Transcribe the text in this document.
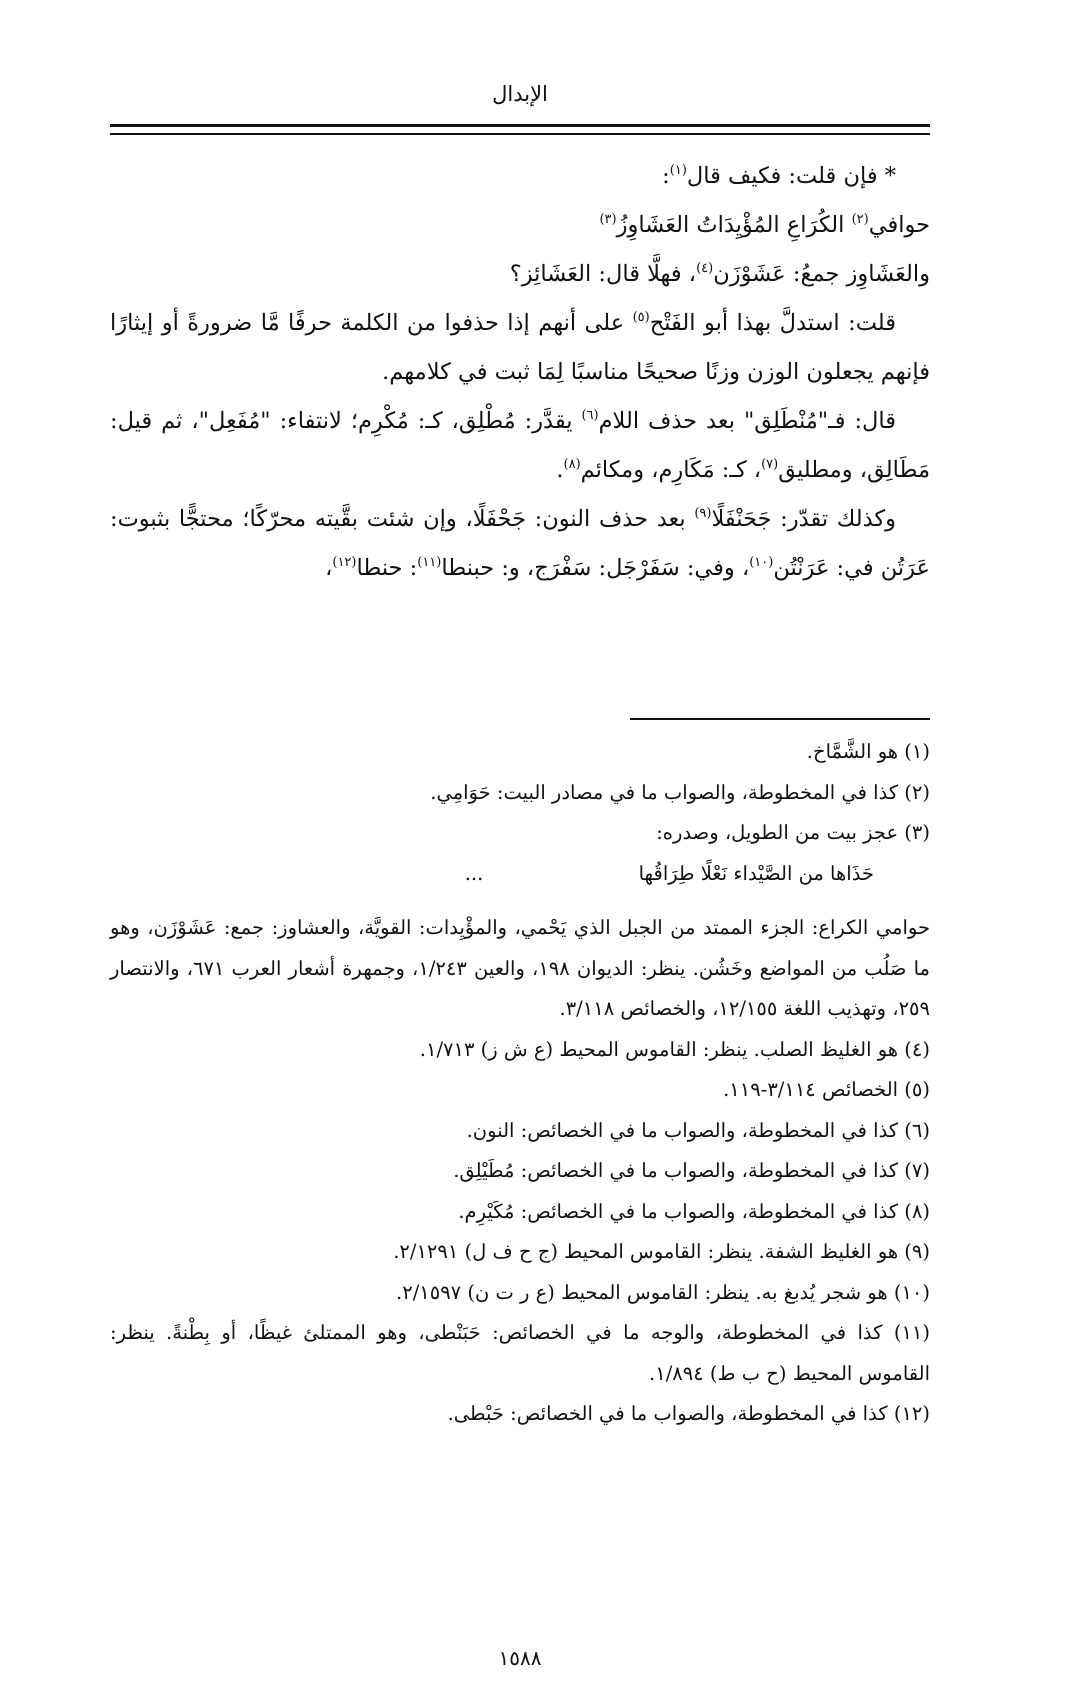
الإبدال

* فإن قلت: فكيف قال$^{(١)}$:

حوافي$^{(٢)}$ الكُرَاعِ المُؤْيِدَاتُ العَشَاوِزُ$^{(٣)}$

والعَشَاوِز جمعُ: عَشَوْزَن$^{(٤)}$، فهلَّا قال: العَشَائِز؟

قلت: استدلَّ بهذا أبو الفَتْح$^{(٥)}$ على أنهم إذا حذفوا من الكلمة حرفًا مَّا ضرورةً أو إيثارًا فإنهم يجعلون الوزن وزنًا صحيحًا مناسبًا لِمَا ثبت في كلامهم.

قال: فـ"مُنْطَلِق" بعد حذف اللام$^{(٦)}$ يقدَّر: مُطْلِق، كـ: مُكْرِم؛ لانتفاء: "مُفَعِل"، ثم قيل: مَطَالِق، ومطليق$^{(٧)}$، كـ: مَكَارِم، ومكائم$^{(٨)}$.

وكذلك تقدّر: جَحَنْفَلًا$^{(٩)}$ بعد حذف النون: جَحْفَلًا، وإن شئت بقَّيته محرّكًا؛ محتجًّا بثبوت: عَرَتُن في: عَرَنْتُن$^{(١٠)}$، وفي: سَفَرْجَل: سَفْرَج، و: حبنطا$^{(١١)}$: حنطا$^{(١٢)}$،

(١) هو الشَّمَّاخ.

(٢) كذا في المخطوطة، والصواب ما في مصادر البيت: حَوَامِي.

(٣) عجز بيت من الطويل، وصدره:

حَذَاها من الصَّيْداء نَعْلًا طِرَاقُها
...

حوامي الكراع: الجزء الممتد من الجبل الذي يَحْمي، والمؤْيِدات: القويَّة، والعشاوز: جمع: عَشَوْزَن، وهو ما صَلُب من المواضع وخَشُن. ينظر: الديوان ١٩٨، والعين ١/٢٤٣، وجمهرة أشعار العرب ٦٧١، والانتصار ٢٥٩، وتهذيب اللغة ١٢/١٥٥، والخصائص ٣/١١٨.

(٤) هو الغليظ الصلب. ينظر: القاموس المحيط (ع ش ز) ١/٧١٣.

(٥) الخصائص ٣/١١٤-١١٩.

(٦) كذا في المخطوطة، والصواب ما في الخصائص: النون.

(٧) كذا في المخطوطة، والصواب ما في الخصائص: مُطَيْلِق.

(٨) كذا في المخطوطة، والصواب ما في الخصائص: مُكَيْرِم.

(٩) هو الغليظ الشفة. ينظر: القاموس المحيط (ج ح ف ل) ٢/١٢٩١.

(١٠) هو شجر يُدبغ به. ينظر: القاموس المحيط (ع ر ت ن) ٢/١٥٩٧.

(١١) كذا في المخطوطة، والوجه ما في الخصائص: حَبَنْطى، وهو الممتلئ غيظًا، أو بِطْنةً. ينظر: القاموس المحيط (ح ب ط) ١/٨٩٤.

(١٢) كذا في المخطوطة، والصواب ما في الخصائص: حَبْطى.

١٥٨٨
